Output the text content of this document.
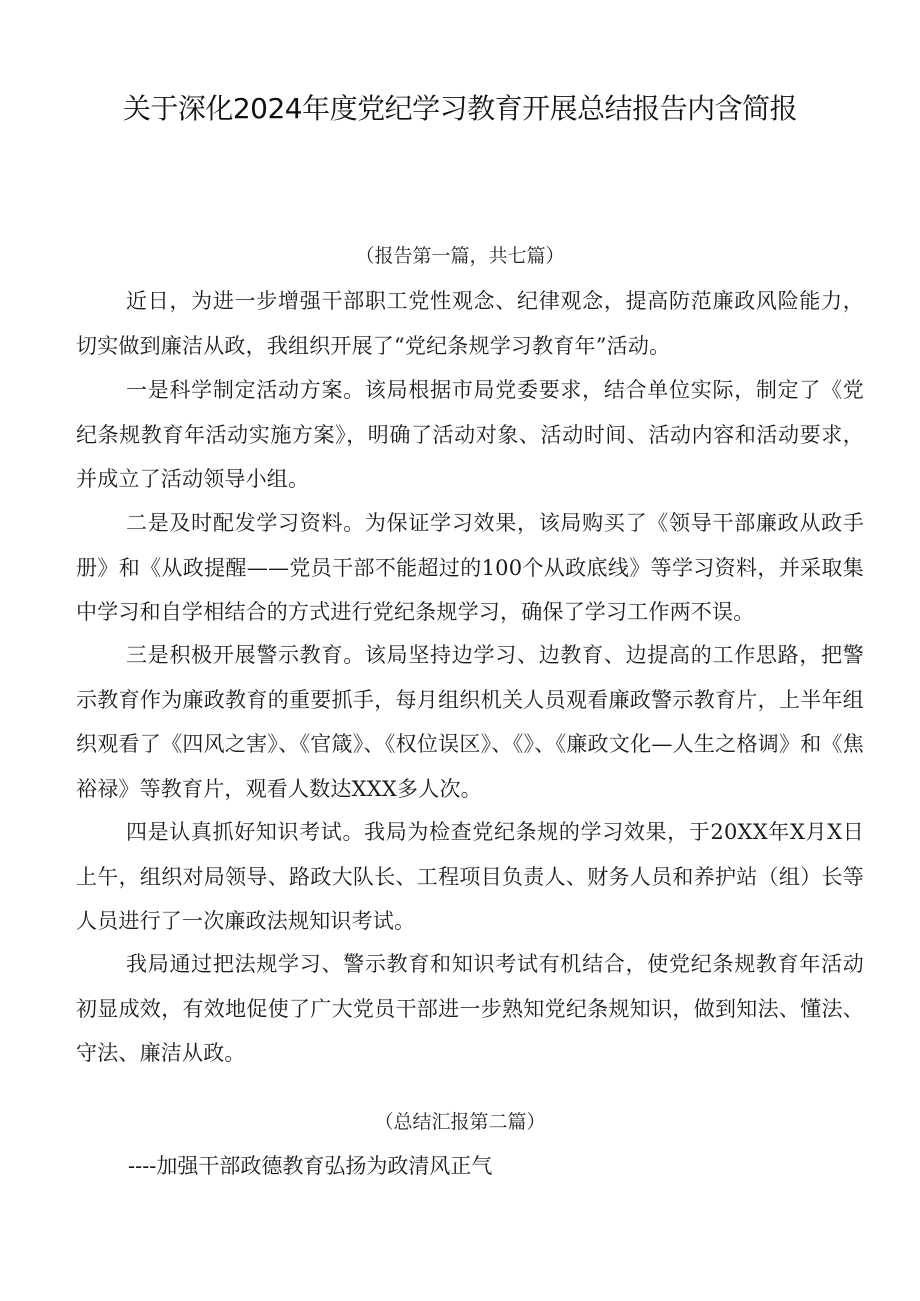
关于深化2024年度党纪学习教育开展总结报告内含简报

（报告第一篇，共七篇）

近日，为进一步增强干部职工党性观念、纪律观念，提高防范廉政风险能力，切实做到廉洁从政，我组织开展了“党纪条规学习教育年”活动。

一是科学制定活动方案。该局根据市局党委要求，结合单位实际，制定了《党纪条规教育年活动实施方案》，明确了活动对象、活动时间、活动内容和活动要求，并成立了活动领导小组。

二是及时配发学习资料。为保证学习效果，该局购买了《领导干部廉政从政手册》和《从政提醒——党员干部不能超过的100个从政底线》等学习资料，并采取集中学习和自学相结合的方式进行党纪条规学习，确保了学习工作两不误。

三是积极开展警示教育。该局坚持边学习、边教育、边提高的工作思路，把警示教育作为廉政教育的重要抓手，每月组织机关人员观看廉政警示教育片，上半年组织观看了《四风之害》、《官箴》、《权位误区》、《》、《廉政文化—人生之格调》和《焦裕禄》等教育片，观看人数达XXX多人次。

四是认真抓好知识考试。我局为检查党纪条规的学习效果，于20XX年X月X日上午，组织对局领导、路政大队长、工程项目负责人、财务人员和养护站（组）长等人员进行了一次廉政法规知识考试。

我局通过把法规学习、警示教育和知识考试有机结合，使党纪条规教育年活动初显成效，有效地促使了广大党员干部进一步熟知党纪条规知识，做到知法、懂法、守法、廉洁从政。

（总结汇报第二篇）

----加强干部政德教育弘扬为政清风正气
